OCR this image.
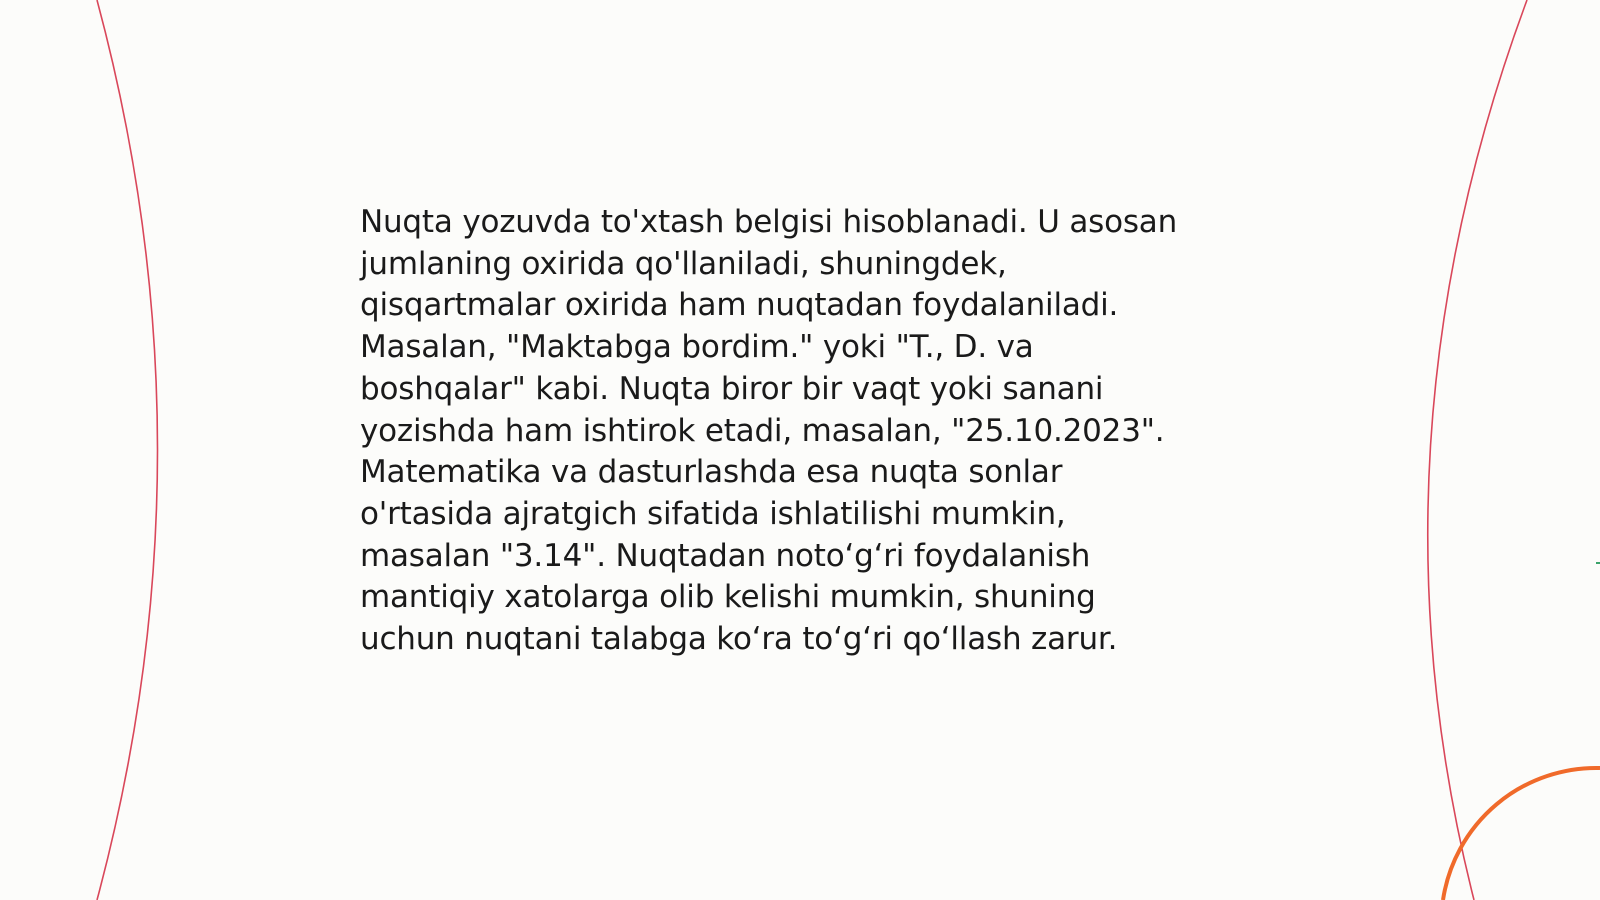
Nuqta yozuvda to'xtash belgisi hisoblanadi. U asosan
jumlaning oxirida qo'llaniladi, shuningdek,
qisqartmalar oxirida ham nuqtadan foydalaniladi.
Masalan, "Maktabga bordim." yoki "T., D. va
boshqalar" kabi. Nuqta biror bir vaqt yoki sanani
yozishda ham ishtirok etadi, masalan, "25.10.2023".
Matematika va dasturlashda esa nuqta sonlar
o'rtasida ajratgich sifatida ishlatilishi mumkin,
masalan "3.14". Nuqtadan noto‘g‘ri foydalanish
mantiqiy xatolarga olib kelishi mumkin, shuning
uchun nuqtani talabga ko‘ra to‘g‘ri qo‘llash zarur.
